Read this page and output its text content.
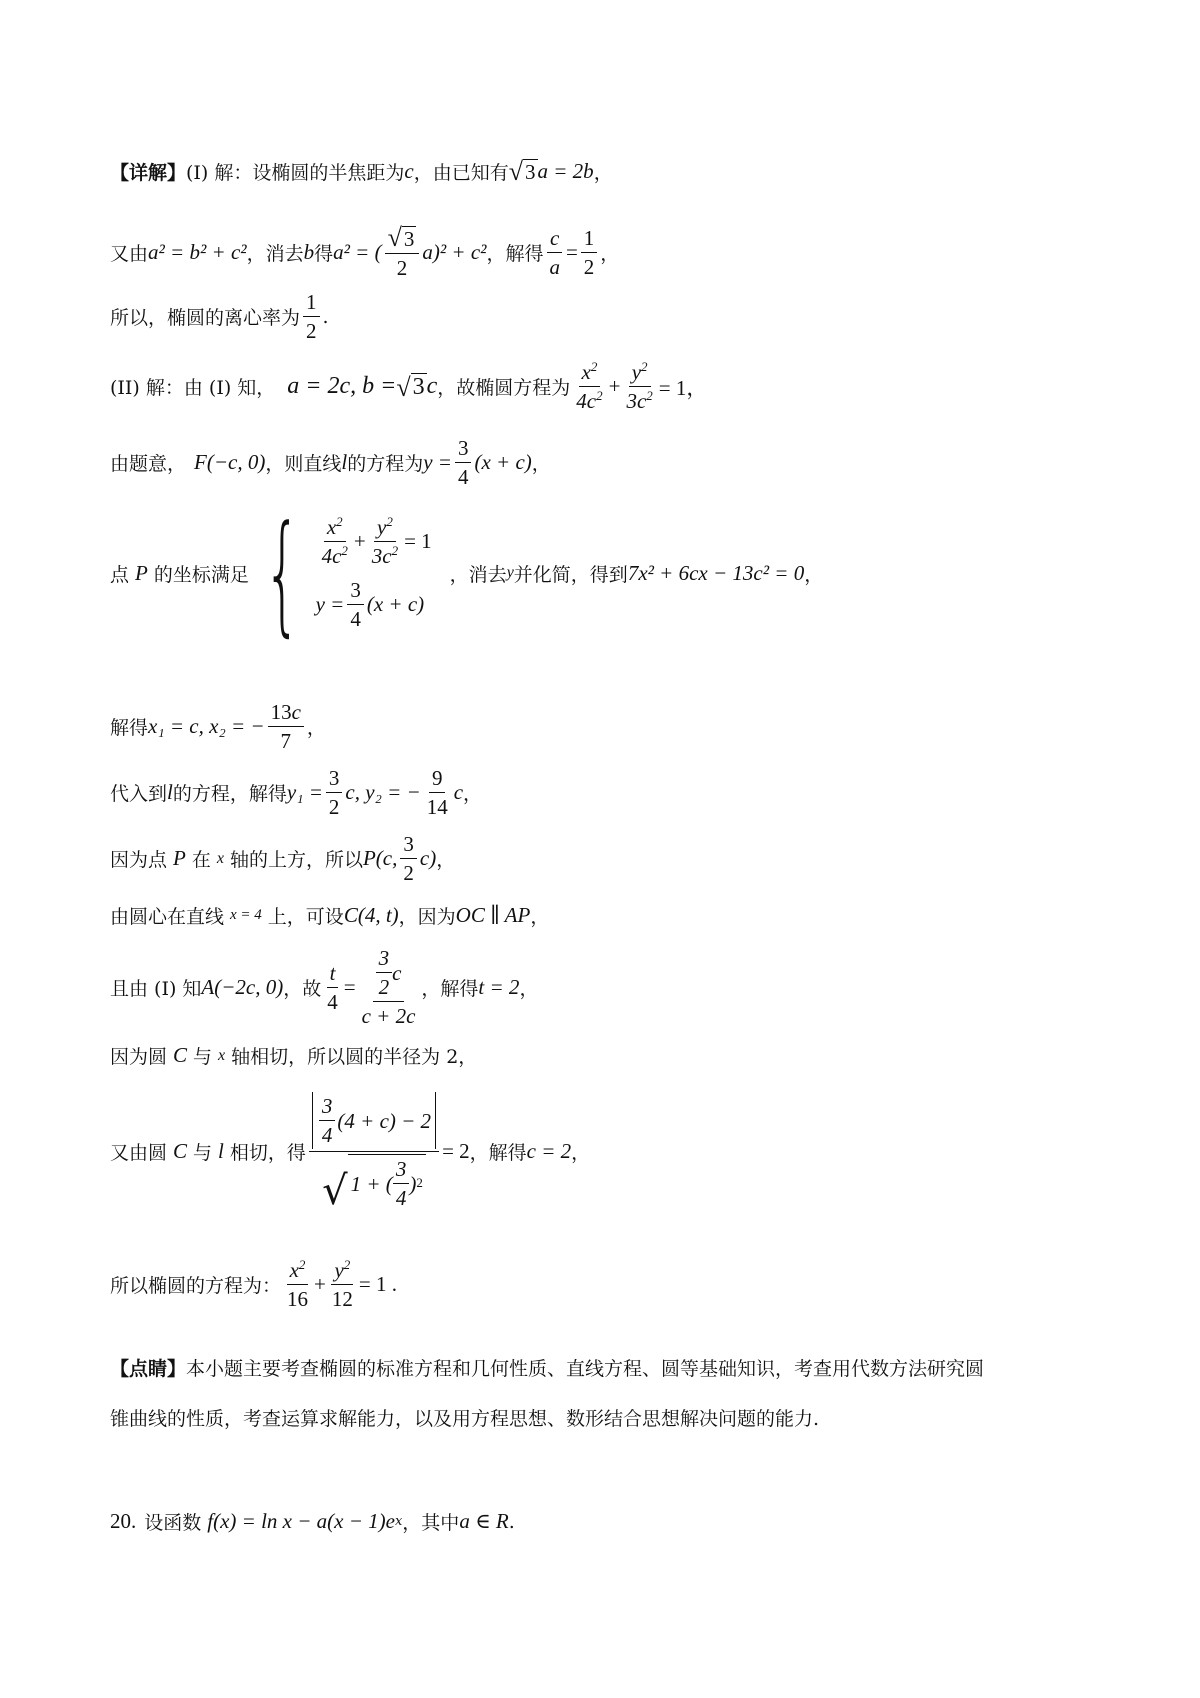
【详解】 (I) 解：设椭圆的半焦距为 c ，由已知有 √ 3 a = 2b ，
又由 a² = b² + c² ，消去 b 得 a² = ( $\frac{√ 3}{2} a)^2 + c^2$ ，解得 $\frac{c}{a} = \frac{1}{2}$ ，
所以，椭圆的离心率为 $\frac{1}{2}$ .
(II) 解：由 (I) 知， a = 2c, b = √ 3 c ，故椭圆方程为 $\frac{x^2}{4c^2} + \frac{y^2}{3c^2} = 1$，
由题意， F(−c, 0) ，则直线 l 的方程为 $y = \frac{3}{4} (x + c)$ ，
点 P 的坐标满足 { $\frac{x^2}{4c^2} + \frac{y^2}{3c^2} = 1$
$y = \frac{3}{4} (x + c)$
，消去 y 并化简，得到 7x² + 6cx − 13c² = 0 ，
解得 x₁ = c, x₂ = − $\frac{13c}{7}$ ，
代入到 l 的方程，解得 $y_1 = \frac{3}{2} c$, y₂ = − $\frac{9}{14}$ c ，
因为点 P 在 x 轴的上方，所以 P(c, $\frac{3}{2} c$) ，
由圆心在直线 x = 4 上，可设 C(4, t) ，因为 OC ∥ AP ，
且由 (I) 知 A(−2c, 0) ，故 $\frac{t}{4} = \frac{\frac{3}{2} c}{c + 2c}$ ，解得 t = 2 ，
因为圆 C 与 x 轴相切，所以圆的半径为 2，
又由圆 C 与 l 相切，得 $\frac{\frac{3}{4} (4 + c) - 2}{√ 1 + ( \frac{3}{4} ) 2} = 2$ ，解得 c = 2 ，
所以椭圆的方程为： $\frac{x^2}{16} + \frac{y^2}{12} = 1$ .
【点睛】 本小题主要考查椭圆的标准方程和几何性质、直线方程、圆等基础知识，考查用代数方法研究圆
锥曲线的性质，考查运算求解能力，以及用方程思想、数形结合思想解决问题的能力.
20. 设函数 f(x) = ln x − a(x − 1)e x ，其中 a ∈ R .
